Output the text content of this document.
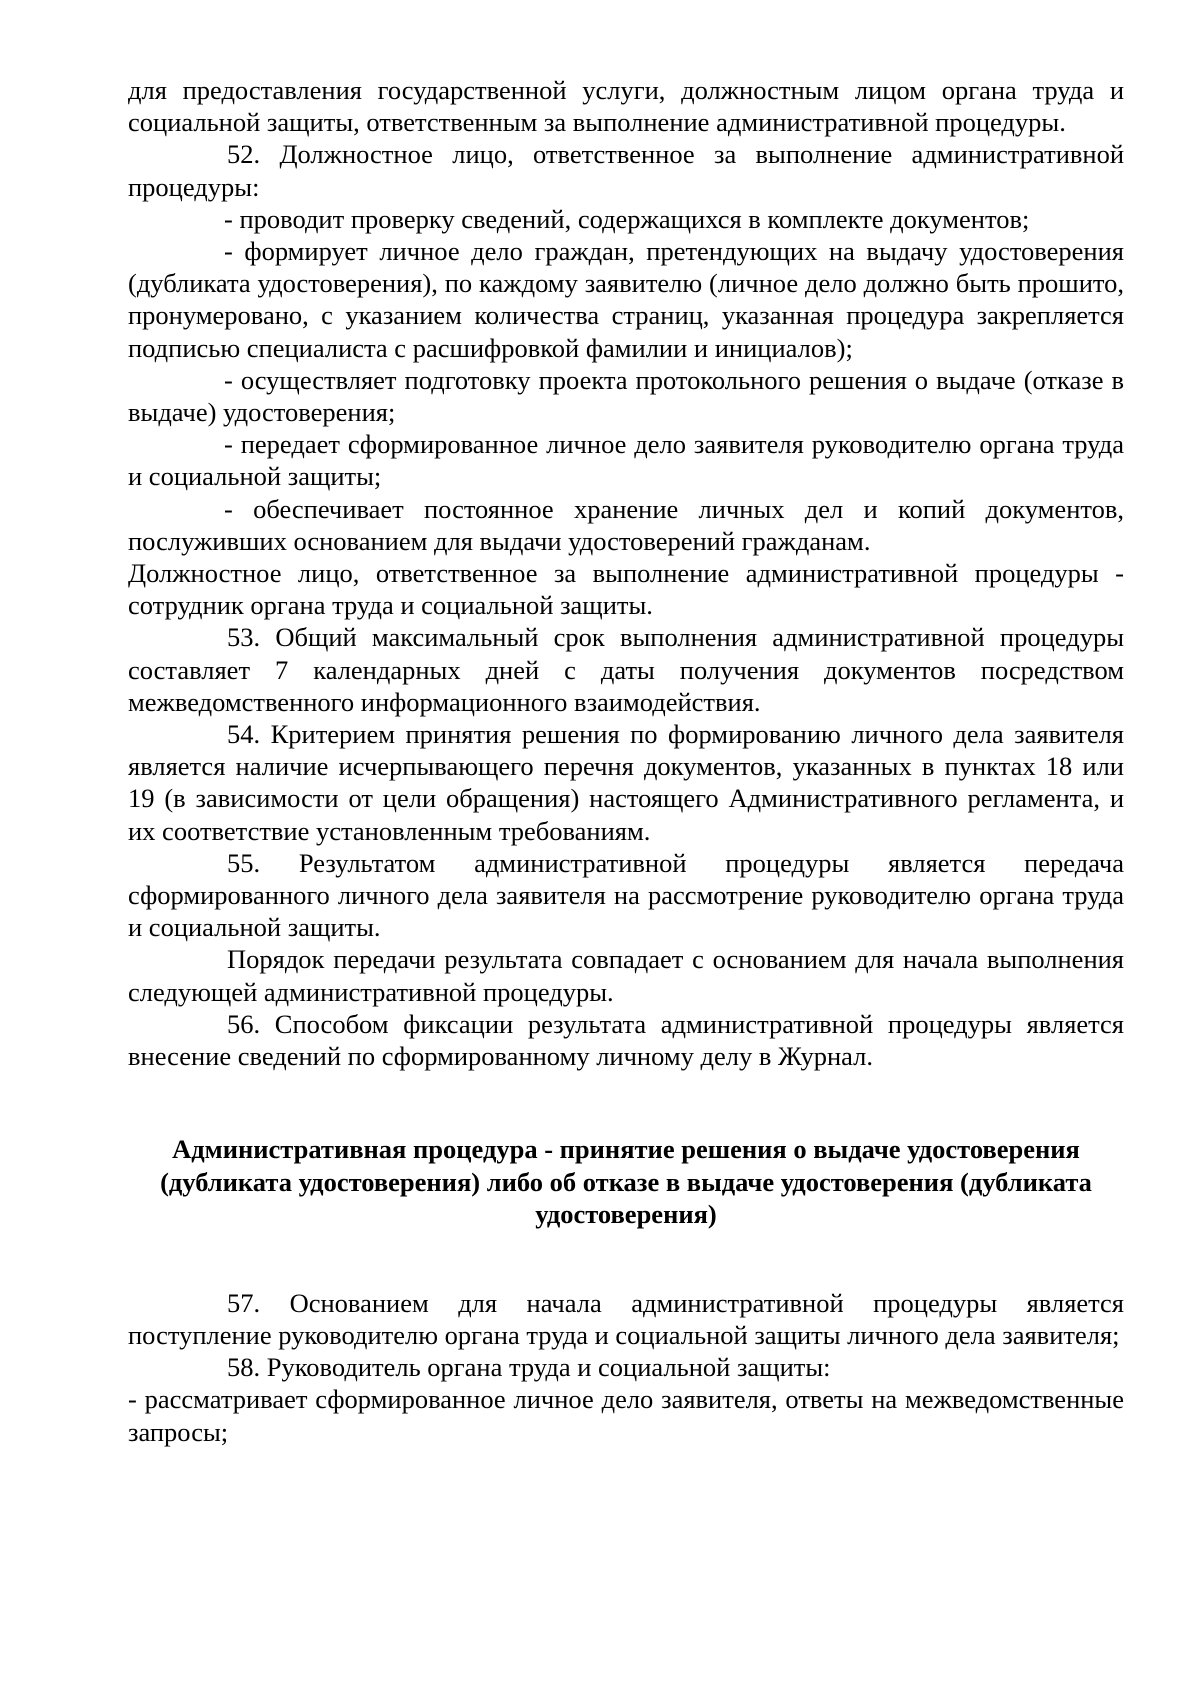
для предоставления государственной услуги, должностным лицом органа труда и социальной защиты, ответственным за выполнение административной процедуры.

52. Должностное лицо, ответственное за выполнение административной процедуры:

- проводит проверку сведений, содержащихся в комплекте документов;

- формирует личное дело граждан, претендующих на выдачу удостоверения (дубликата удостоверения), по каждому заявителю (личное дело должно быть прошито, пронумеровано, с указанием количества страниц, указанная процедура закрепляется подписью специалиста с расшифровкой фамилии и инициалов);

- осуществляет подготовку проекта протокольного решения о выдаче (отказе в выдаче) удостоверения;

- передает сформированное личное дело заявителя руководителю органа труда и социальной защиты;

- обеспечивает постоянное хранение личных дел и копий документов, послуживших основанием для выдачи удостоверений гражданам.

Должностное лицо, ответственное за выполнение административной процедуры - сотрудник органа труда и социальной защиты.

53. Общий максимальный срок выполнения административной процедуры составляет 7 календарных дней с даты получения документов посредством межведомственного информационного взаимодействия.

54. Критерием принятия решения по формированию личного дела заявителя является наличие исчерпывающего перечня документов, указанных в пунктах 18 или 19 (в зависимости от цели обращения) настоящего Административного регламента, и их соответствие установленным требованиям.

55. Результатом административной процедуры является передача сформированного личного дела заявителя на рассмотрение руководителю органа труда и социальной защиты.

Порядок передачи результата совпадает с основанием для начала выполнения следующей административной процедуры.

56. Способом фиксации результата административной процедуры является внесение сведений по сформированному личному делу в Журнал.

Административная процедура - принятие решения о выдаче удостоверения (дубликата удостоверения) либо об отказе в выдаче удостоверения (дубликата удостоверения)

57. Основанием для начала административной процедуры является поступление руководителю органа труда и социальной защиты личного дела заявителя;

58. Руководитель органа труда и социальной защиты:

- рассматривает сформированное личное дело заявителя, ответы на межведомственные запросы;
